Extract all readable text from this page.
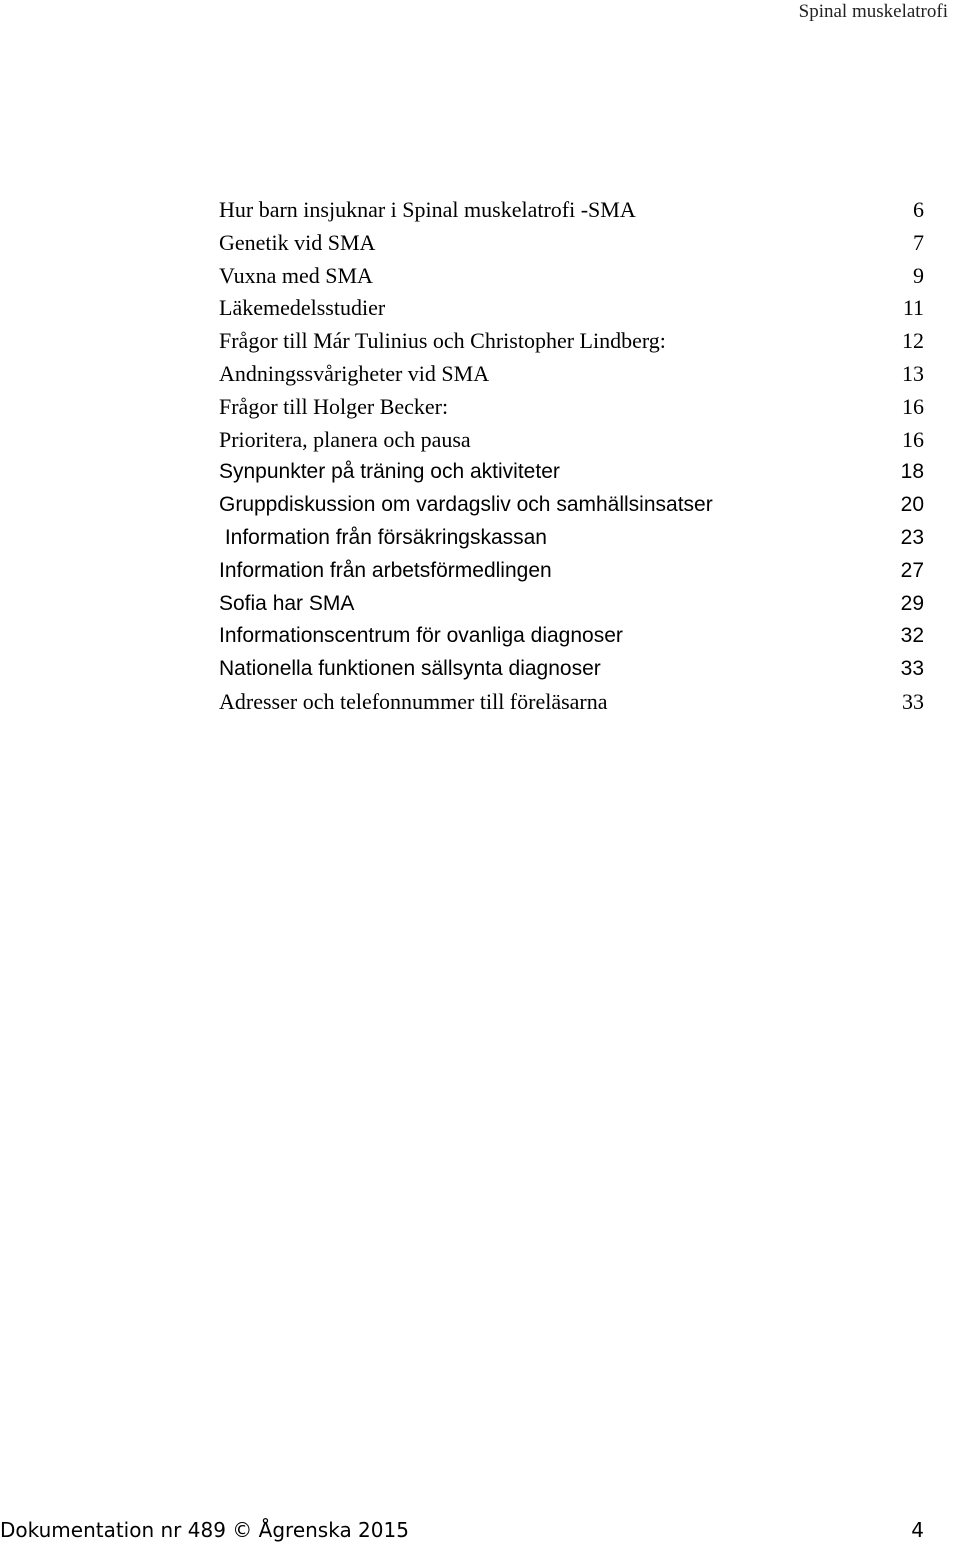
Spinal muskelatrofi
Hur barn insjuknar i Spinal muskelatrofi -SMA	6
Genetik vid SMA	7
Vuxna med SMA	9
Läkemedelsstudier	11
Frågor till Már Tulinius och Christopher Lindberg:	12
Andningssvårigheter vid SMA	13
Frågor till Holger Becker:	16
Prioritera, planera och pausa	16
Synpunkter på träning och aktiviteter	18
Gruppdiskussion om vardagsliv och samhällsinsatser	20
Information från försäkringskassan	23
Information från arbetsförmedlingen	27
Sofia har SMA	29
Informationscentrum för ovanliga diagnoser	32
Nationella funktionen sällsynta diagnoser	33
Adresser och telefonnummer till föreläsarna	33
Dokumentation nr 489 © Ågrenska 2015	4
